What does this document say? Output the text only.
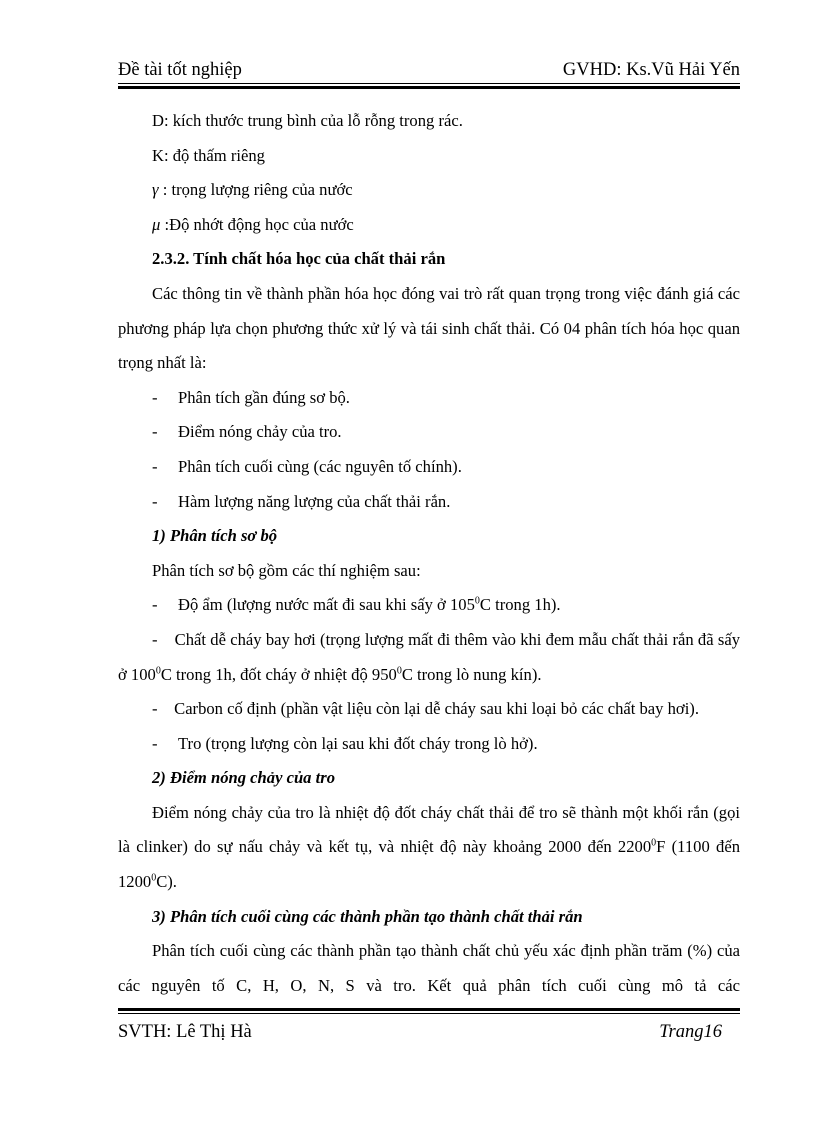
Đề tài tốt nghiệp	GVHD: Ks.Vũ Hải Yến

D: kích thước trung bình của lỗ rỗng trong rác.

K: độ thấm riêng

γ : trọng lượng riêng của nước

μ :Độ nhớt động học của nước

2.3.2. Tính chất hóa học của chất thải rắn

Các thông tin về thành phần hóa học đóng vai trò rất quan trọng trong việc đánh giá các phương pháp lựa chọn phương thức xử lý và tái sinh chất thải. Có 04 phân tích hóa học quan trọng nhất là:

-	Phân tích gần đúng sơ bộ.

-	Điểm nóng chảy của tro.

-	Phân tích cuối cùng (các nguyên tố chính).

-	Hàm lượng năng lượng của chất thải rắn.

1) Phân tích sơ bộ

Phân tích sơ bộ gồm các thí nghiệm sau:

-	Độ ẩm (lượng nước mất đi sau khi sấy ở $105^0C$ trong 1h).

- Chất dễ cháy bay hơi (trọng lượng mất đi thêm vào khi đem mẫu chất thải rắn đã sấy ở $100^0C$ trong 1h, đốt cháy ở nhiệt độ $950^0C$ trong lò nung kín).

- Carbon cố định (phần vật liệu còn lại dễ cháy sau khi loại bỏ các chất bay hơi).

-	Tro (trọng lượng còn lại sau khi đốt cháy trong lò hở).

2) Điểm nóng chảy của tro

Điểm nóng chảy của tro là nhiệt độ đốt cháy chất thải để tro sẽ thành một khối rắn (gọi là clinker) do sự nấu chảy và kết tụ, và nhiệt độ này khoảng 2000 đến 2200$^0$F (1100 đến 1200$^0$C).

3) Phân tích cuối cùng các thành phần tạo thành chất thải rắn

Phân tích cuối cùng các thành phần tạo thành chất chủ yếu xác định phần trăm (%) của các nguyên tố C, H, O, N, S và tro. Kết quả phân tích cuối cùng mô tả các

SVTH: Lê Thị Hà	Trang16
